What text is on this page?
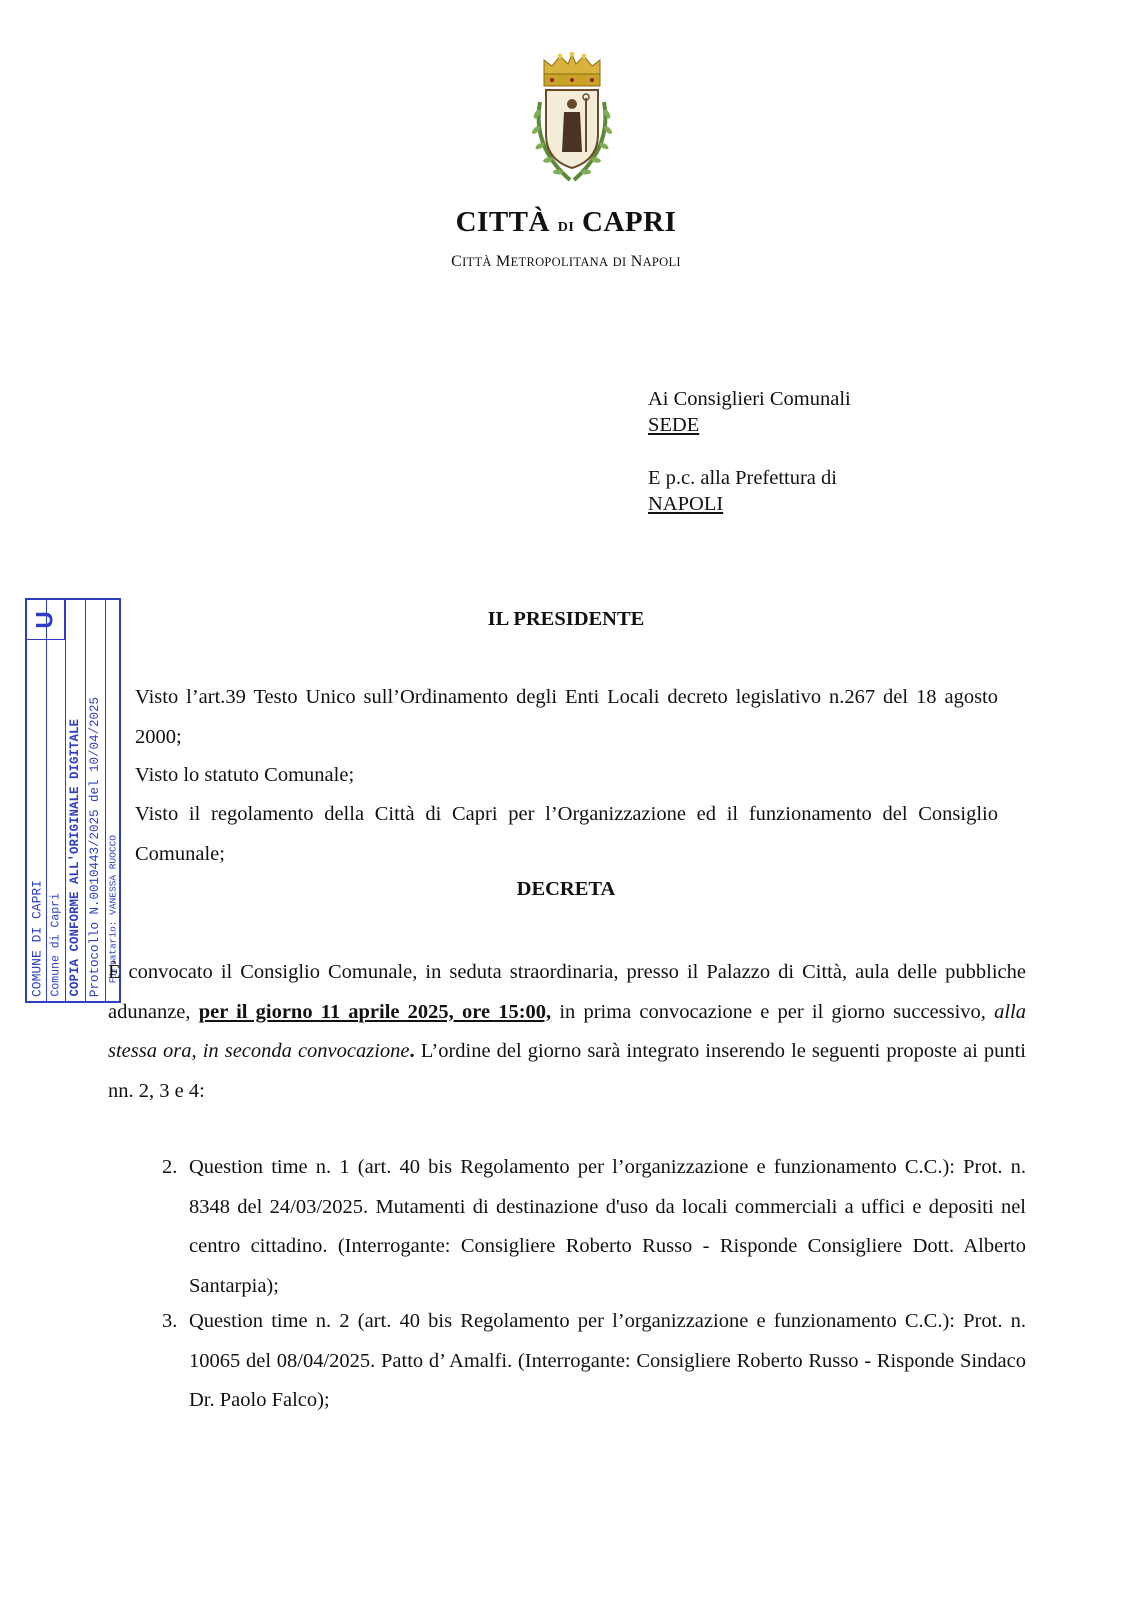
CITTÀ DI CAPRI
CITTÀ METROPOLITANA DI NAPOLI
Ai Consiglieri Comunali
SEDE
E p.c. alla Prefettura di
NAPOLI
U
COMUNE DI CAPRI Comune di Capri COPIA CONFORME ALL'ORIGINALE DIGITALE Protocollo N.0010443/2025 del 10/04/2025 Firmatario: VANESSA RUOCCO
IL PRESIDENTE
Visto l’art.39 Testo Unico sull’Ordinamento degli Enti Locali decreto legislativo n.267 del 18 agosto 2000;
Visto lo statuto Comunale;
Visto il regolamento della Città di Capri per l’Organizzazione ed il funzionamento del Consiglio Comunale;
DECRETA
È convocato il Consiglio Comunale, in seduta straordinaria, presso il Palazzo di Città, aula delle pubbliche adunanze, per il giorno 11 aprile 2025, ore 15:00, in prima convocazione e per il giorno successivo, alla stessa ora, in seconda convocazione. L’ordine del giorno sarà integrato inserendo le seguenti proposte ai punti nn. 2, 3 e 4:
2. Question time n. 1 (art. 40 bis Regolamento per l’organizzazione e funzionamento C.C.): Prot. n. 8348 del 24/03/2025. Mutamenti di destinazione d'uso da locali commerciali a uffici e depositi nel centro cittadino. (Interrogante: Consigliere Roberto Russo - Risponde Consigliere Dott. Alberto Santarpia);
3. Question time n. 2 (art. 40 bis Regolamento per l’organizzazione e funzionamento C.C.): Prot. n. 10065 del 08/04/2025. Patto d’ Amalfi. (Interrogante: Consigliere Roberto Russo - Risponde Sindaco Dr. Paolo Falco);
